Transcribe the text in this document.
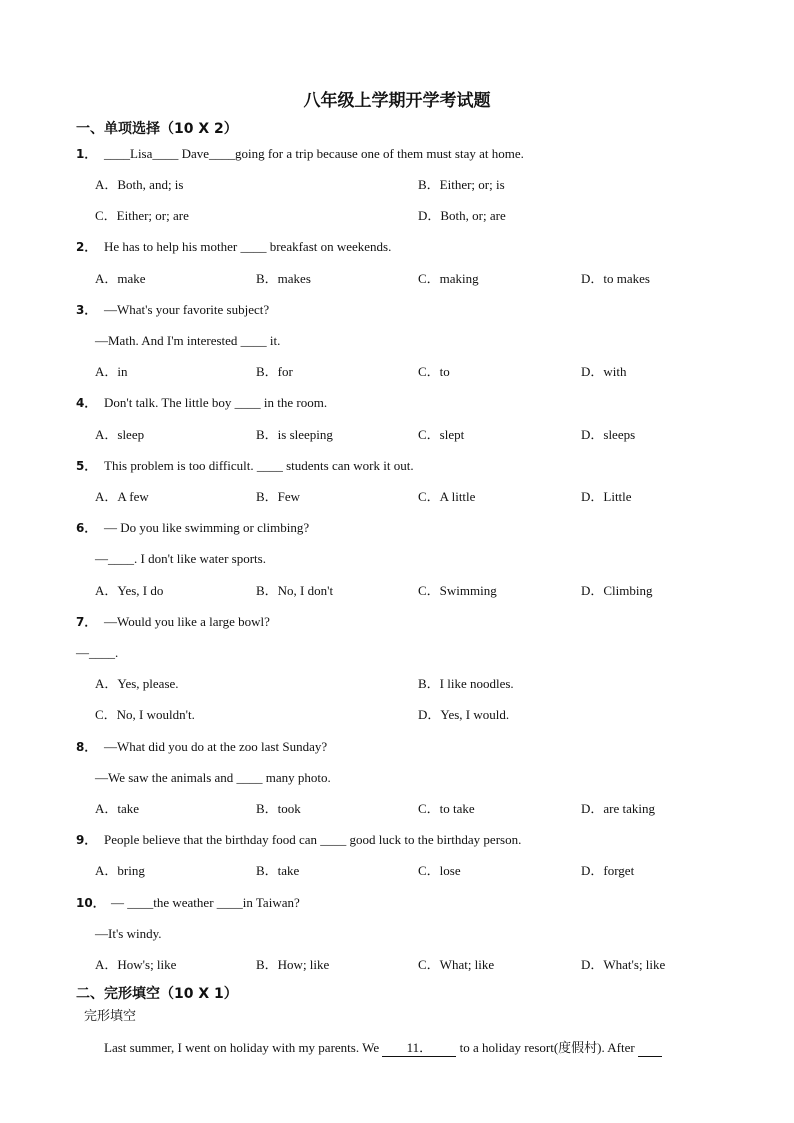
八年级上学期开学考试题
一、单项选择（10 X 2）
1． ____Lisa____ Dave____going for a trip because one of them must stay at home.
A．Both, and; is	B．Either; or; is
C．Either; or; are	D．Both, or; are
2． He has to help his mother ____ breakfast on weekends.
A．make	B．makes	C．making	D．to makes
3． —What's your favorite subject?
—Math. And I'm interested ____ it.
A．in	B．for	C．to	D．with
4． Don't talk. The little boy ____ in the room.
A．sleep	B．is sleeping	C．slept	D．sleeps
5． This problem is too difficult. ____ students can work it out.
A．A few	B．Few	C．A little	D．Little
6． — Do you like swimming or climbing?
—____. I don't like water sports.
A．Yes, I do	B．No, I don't	C．Swimming	D．Climbing
7． —Would you like a large bowl?
—____.
A．Yes, please.	B．I like noodles.
C．No, I wouldn't.	D．Yes, I would.
8． —What did you do at the zoo last Sunday?
—We saw the animals and ____ many photo.
A．take	B．took	C．to take	D．are taking
9． People believe that the birthday food can ____ good luck to the birthday person.
A．bring	B．take	C．lose	D．forget
10． — ____the weather ____in Taiwan?
—It's windy.
A．How's; like	B．How; like	C．What; like	D．What's; like
二、完形填空（10 X 1）
完形填空
Last summer, I went on holiday with my parents. We 11． to a holiday resort(度假村). After
